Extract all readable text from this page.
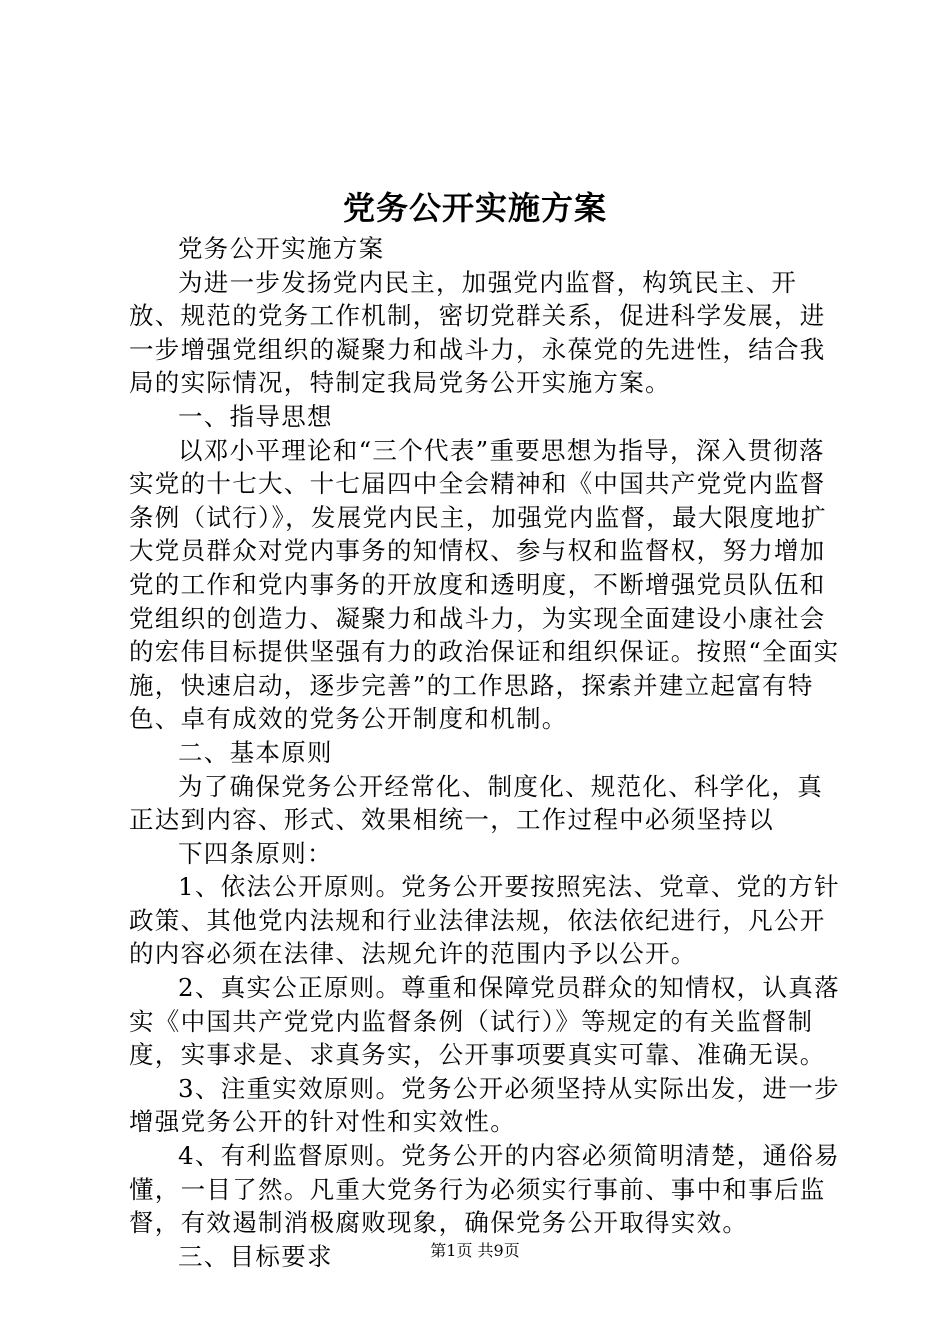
党务公开实施方案

党务公开实施方案

为进一步发扬党内民主，加强党内监督，构筑民主、开放、规范的党务工作机制，密切党群关系，促进科学发展，进一步增强党组织的凝聚力和战斗力，永葆党的先进性，结合我局的实际情况，特制定我局党务公开实施方案。

一、指导思想

以邓小平理论和“三个代表”重要思想为指导，深入贯彻落实党的十七大、十七届四中全会精神和《中国共产党党内监督条例（试行）》，发展党内民主，加强党内监督，最大限度地扩大党员群众对党内事务的知情权、参与权和监督权，努力增加党的工作和党内事务的开放度和透明度，不断增强党员队伍和党组织的创造力、凝聚力和战斗力，为实现全面建设小康社会的宏伟目标提供坚强有力的政治保证和组织保证。按照“全面实施，快速启动，逐步完善”的工作思路，探索并建立起富有特色、卓有成效的党务公开制度和机制。

二、基本原则

为了确保党务公开经常化、制度化、规范化、科学化，真正达到内容、形式、效果相统一，工作过程中必须坚持以

下四条原则：

1、依法公开原则。党务公开要按照宪法、党章、党的方针政策、其他党内法规和行业法律法规，依法依纪进行，凡公开的内容必须在法律、法规允许的范围内予以公开。

2、真实公正原则。尊重和保障党员群众的知情权，认真落实《中国共产党党内监督条例（试行）》等规定的有关监督制度，实事求是、求真务实，公开事项要真实可靠、准确无误。

3、注重实效原则。党务公开必须坚持从实际出发，进一步增强党务公开的针对性和实效性。

4、有利监督原则。党务公开的内容必须简明清楚，通俗易懂，一目了然。凡重大党务行为必须实行事前、事中和事后监督，有效遏制消极腐败现象，确保党务公开取得实效。

三、目标要求	第1页 共9页
